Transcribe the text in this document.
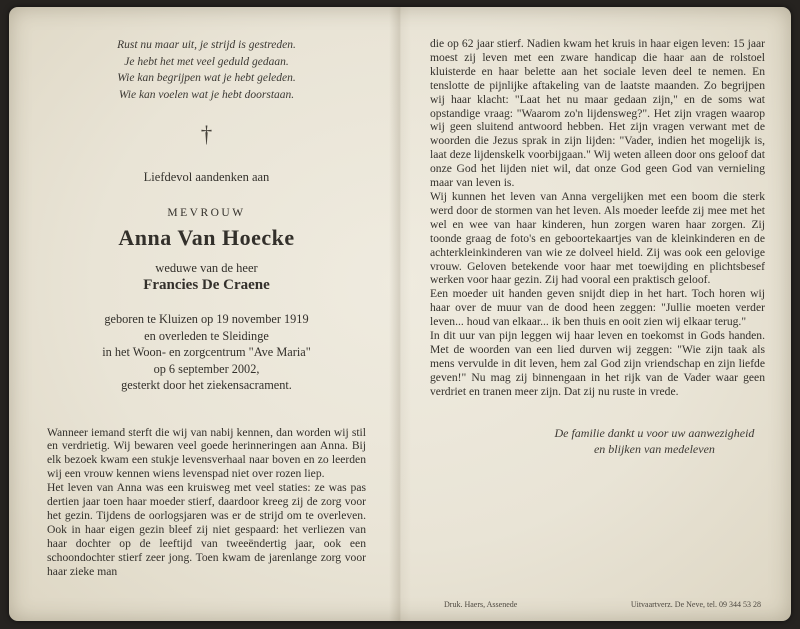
Rust nu maar uit, je strijd is gestreden.
Je hebt het met veel geduld gedaan.
Wie kan begrijpen wat je hebt geleden.
Wie kan voelen wat je hebt doorstaan.
†
Liefdevol aandenken aan
MEVROUW
Anna Van Hoecke
weduwe van de heer
Francies De Craene
geboren te Kluizen op 19 november 1919
en overleden te Sleidinge
in het Woon- en zorgcentrum "Ave Maria"
op 6 september 2002,
gesterkt door het ziekensacrament.

Wanneer iemand sterft die wij van nabij kennen, dan worden wij stil en verdrietig. Wij bewaren veel goede herinneringen aan Anna. Bij elk bezoek kwam een stukje levensverhaal naar boven en zo leerden wij een vrouw kennen wiens levenspad niet over rozen liep.

Het leven van Anna was een kruisweg met veel staties: ze was pas dertien jaar toen haar moeder stierf, daardoor kreeg zij de zorg voor het gezin. Tijdens de oorlogsjaren was er de strijd om te overleven. Ook in haar eigen gezin bleef zij niet gespaard: het verliezen van haar dochter op de leeftijd van tweeëndertig jaar, ook een schoondochter stierf zeer jong. Toen kwam de jarenlange zorg voor haar zieke man

die op 62 jaar stierf. Nadien kwam het kruis in haar eigen leven: 15 jaar moest zij leven met een zware handicap die haar aan de rolstoel kluisterde en haar belette aan het sociale leven deel te nemen. En tenslotte de pijnlijke aftakeling van de laatste maanden. Zo begrijpen wij haar klacht: "Laat het nu maar gedaan zijn," en de soms wat opstandige vraag: "Waarom zo'n lijdensweg?". Het zijn vragen waarop wij geen sluitend antwoord hebben. Het zijn vragen verwant met de woorden die Jezus sprak in zijn lijden: "Vader, indien het mogelijk is, laat deze lijdenskelk voorbijgaan." Wij weten alleen door ons geloof dat onze God het lijden niet wil, dat onze God geen God van vernieling maar van leven is.

Wij kunnen het leven van Anna vergelijken met een boom die sterk werd door de stormen van het leven. Als moeder leefde zij mee met het wel en wee van haar kinderen, hun zorgen waren haar zorgen. Zij toonde graag de foto's en geboortekaartjes van de kleinkinderen en de achterkleinkinderen van wie ze dolveel hield. Zij was ook een gelovige vrouw. Geloven betekende voor haar met toewijding en plichtsbesef werken voor haar gezin. Zij had vooral een praktisch geloof.

Een moeder uit handen geven snijdt diep in het hart. Toch horen wij haar over de muur van de dood heen zeggen: "Jullie moeten verder leven... houd van elkaar... ik ben thuis en ooit zien wij elkaar terug."

In dit uur van pijn leggen wij haar leven en toekomst in Gods handen. Met de woorden van een lied durven wij zeggen: "Wie zijn taak als mens vervulde in dit leven, hem zal God zijn vriendschap en zijn liefde geven!" Nu mag zij binnengaan in het rijk van de Vader waar geen verdriet en tranen meer zijn. Dat zij nu ruste in vrede.

De familie dankt u voor uw aanwezigheid
en blijken van medeleven
Druk. Haers, Assenede	Uitvaartverz. De Neve, tel. 09 344 53 28
